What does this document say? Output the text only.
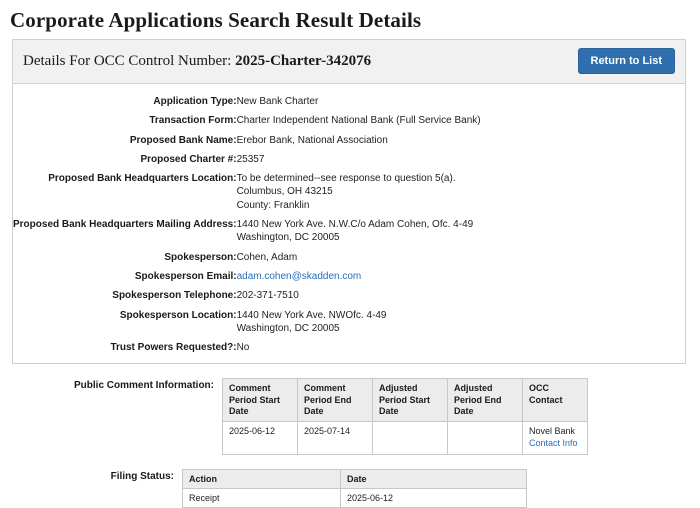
Corporate Applications Search Result Details
Details For OCC Control Number: 2025-Charter-342076	Return to List
Application Type:	New Bank Charter

Transaction Form:	Charter Independent National Bank (Full Service Bank)

Proposed Bank Name:	Erebor Bank, National Association

Proposed Charter #:	25357

Proposed Bank Headquarters Location:	To be determined--see response to question 5(a).
Columbus, OH 43215
County: Franklin

Proposed Bank Headquarters Mailing Address:	1440 New York Ave. N.W.C/o Adam Cohen, Ofc. 4-49
Washington, DC 20005

Spokesperson:	Cohen, Adam

Spokesperson Email:	adam.cohen@skadden.com
Spokesperson Telephone:	202-371-7510

Spokesperson Location:	1440 New York Ave. NWOfc. 4-49
Washington, DC 20005

Trust Powers Requested?:	No
Public Comment Information:	Comment Period Start Date	Comment Period End Date	Adjusted Period Start Date	Adjusted Period End Date	OCC Contact
2025-06-12	2025-07-14			Novel Bank
Contact Info
Filing Status:	Action	Date
Receipt	2025-06-12
